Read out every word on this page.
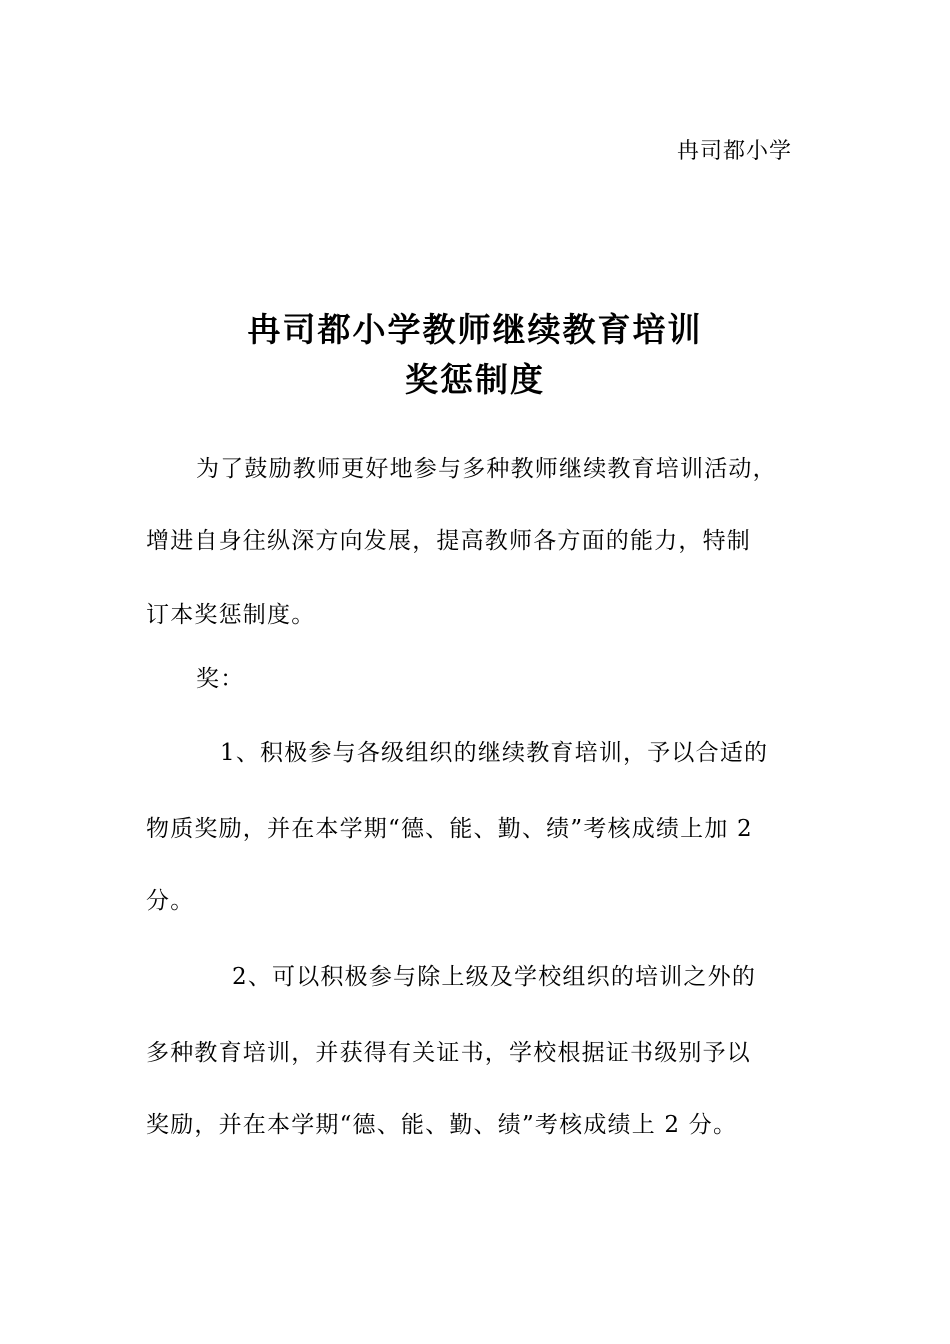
冉司都小学
冉司都小学教师继续教育培训
奖惩制度
为了鼓励教师更好地参与多种教师继续教育培训活动，
增进自身往纵深方向发展，提高教师各方面的能力，特制
订本奖惩制度。
奖：
1、积极参与各级组织的继续教育培训，予以合适的
物质奖励，并在本学期“德、能、勤、绩”考核成绩上加 2
分。
2、可以积极参与除上级及学校组织的培训之外的
多种教育培训，并获得有关证书，学校根据证书级别予以
奖励，并在本学期“德、能、勤、绩”考核成绩上 2 分。
